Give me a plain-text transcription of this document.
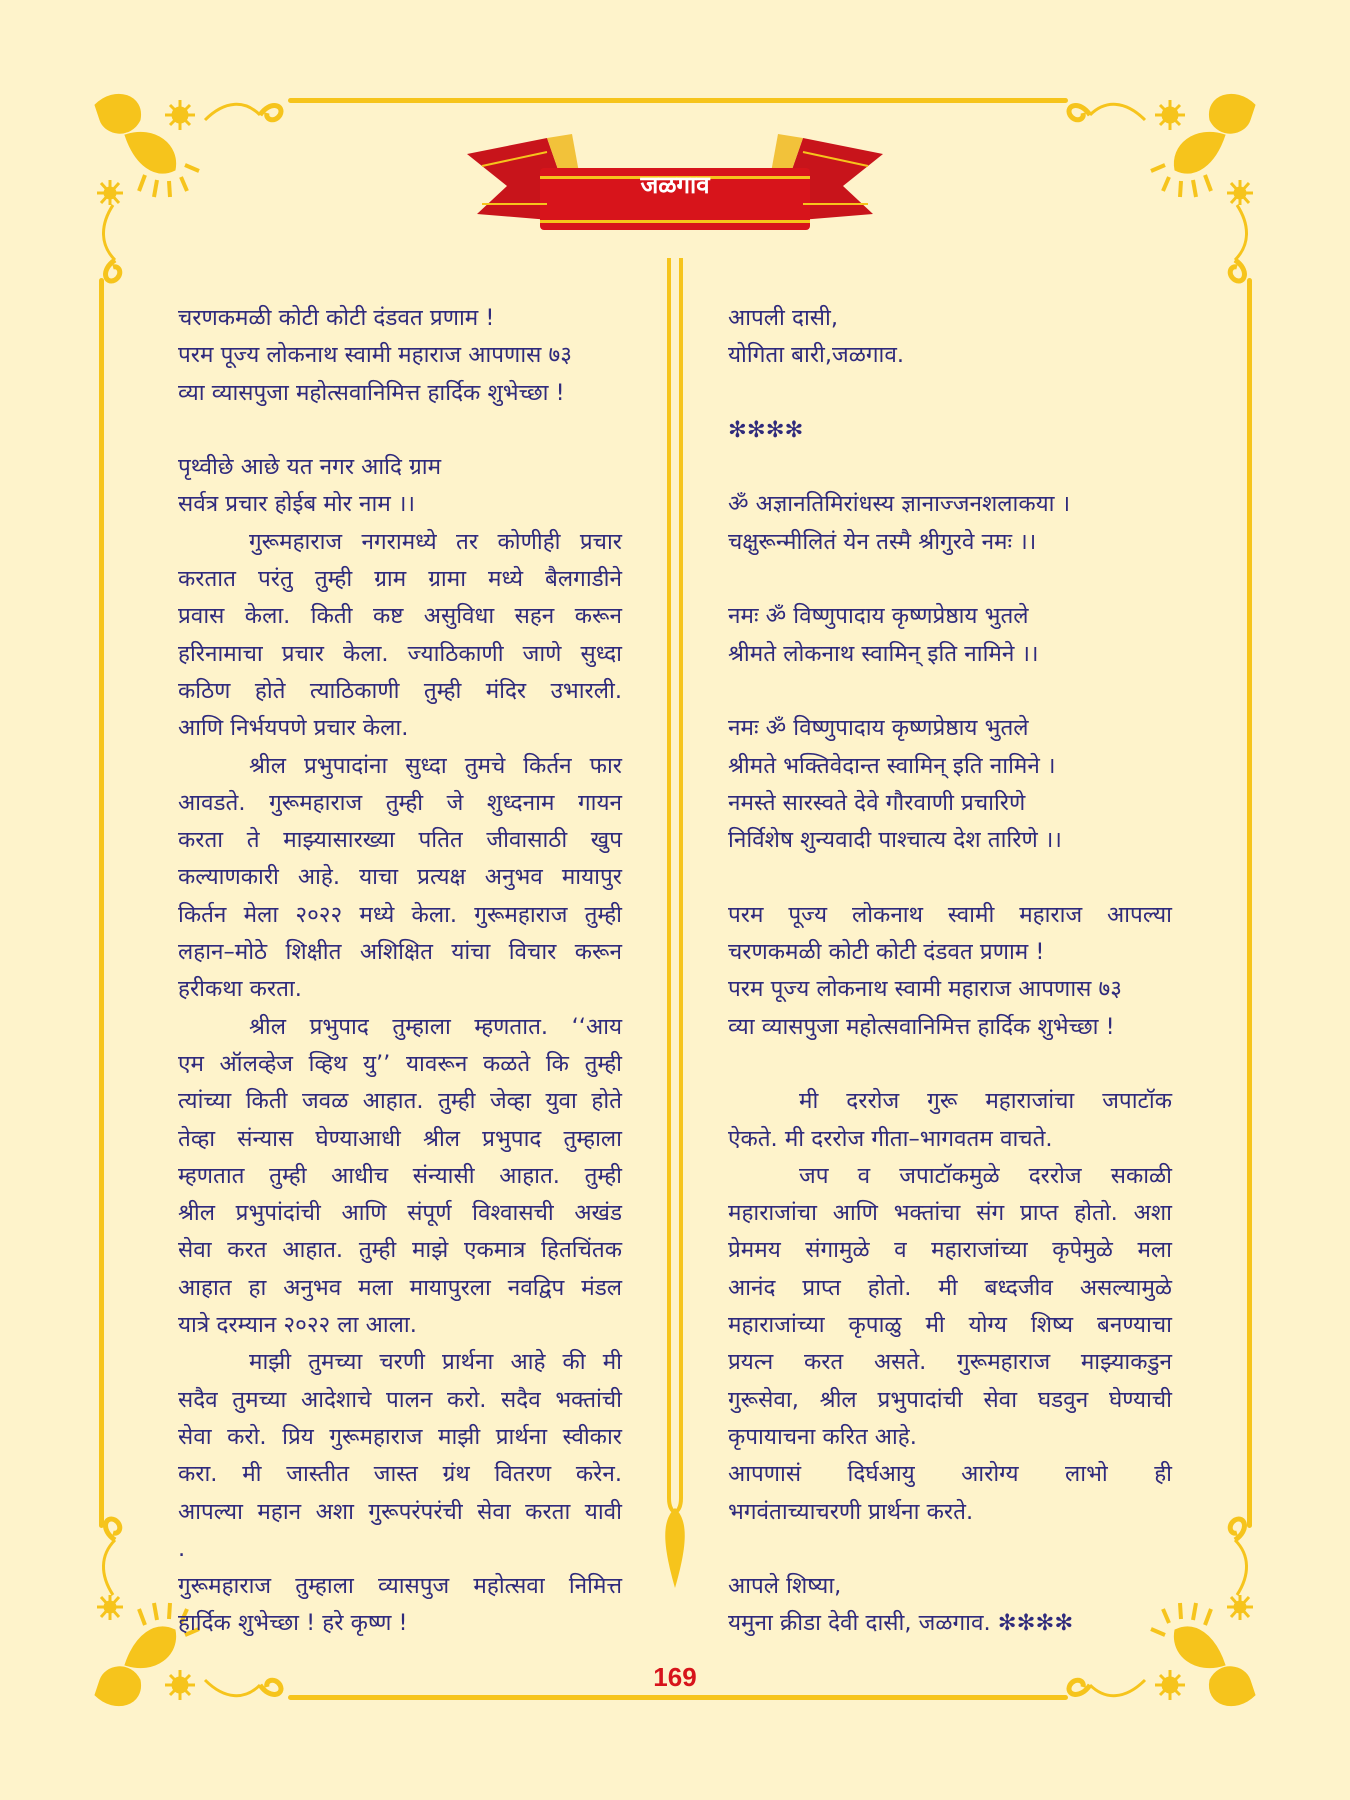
जळगाव
चरणकमळी कोटी कोटी दंडवत प्रणाम !
परम पूज्य लोकनाथ स्वामी महाराज आपणास ७३
व्या व्यासपुजा महोत्सवानिमित्त हार्दिक शुभेच्छा !
पृथ्वीछे आछे यत नगर आदि ग्राम
सर्वत्र प्रचार होईब मोर नाम ।।
गुरूमहाराज नगरामध्ये तर कोणीही प्रचार
करतात परंतु तुम्ही ग्राम ग्रामा मध्ये बैलगाडीने
प्रवास केला. किती कष्ट असुविधा सहन करून
हरिनामाचा प्रचार केला. ज्याठिकाणी जाणे सुध्दा
कठिण होते त्याठिकाणी तुम्ही मंदिर उभारली.
आणि निर्भयपणे प्रचार केला.
श्रील प्रभुपादांना सुध्दा तुमचे किर्तन फार
आवडते. गुरूमहाराज तुम्ही जे शुध्दनाम गायन
करता ते माझ्यासारख्या पतित जीवासाठी खुप
कल्याणकारी आहे. याचा प्रत्यक्ष अनुभव मायापुर
किर्तन मेला २०२२ मध्ये केला. गुरूमहाराज तुम्ही
लहान–मोठे शिक्षीत अशिक्षित यांचा विचार करून
हरीकथा करता.
श्रील प्रभुपाद तुम्हाला म्हणतात. ‘‘आय
एम ऑलव्हेज व्हिथ यु’’ यावरून कळते कि तुम्ही
त्यांच्या किती जवळ आहात. तुम्ही जेव्हा युवा होते
तेव्हा संन्यास घेण्याआधी श्रील प्रभुपाद तुम्हाला
म्हणतात तुम्ही आधीच संन्यासी आहात. तुम्ही
श्रील प्रभुपांदांची आणि संपूर्ण विश्वासची अखंड
सेवा करत आहात. तुम्ही माझे एकमात्र हितचिंतक
आहात हा अनुभव मला मायापुरला नवद्विप मंडल
यात्रे दरम्यान २०२२ ला आला.
माझी तुमच्या चरणी प्रार्थना आहे की मी
सदैव तुमच्या आदेशाचे पालन करो. सदैव भक्तांची
सेवा करो. प्रिय गुरूमहाराज माझी प्रार्थना स्वीकार
करा. मी जास्तीत जास्त ग्रंथ वितरण करेन.
आपल्या महान अशा गुरूपरंपरंची सेवा करता यावी
.
गुरूमहाराज तुम्हाला व्यासपुज महोत्सवा निमित्त
हार्दिक शुभेच्छा ! हरे कृष्ण !
आपली दासी,
योगिता बारी,जळगाव.
✻✻✻✻
ॐ अज्ञानतिमिरांधस्य ज्ञानाज्जनशलाकया ।
चक्षुरून्मीलितं येन तस्मै श्रीगुरवे नमः ।।
नमः ॐ विष्णुपादाय कृष्णप्रेष्ठाय भुतले
श्रीमते लोकनाथ स्वामिन् इति नामिने ।।
नमः ॐ विष्णुपादाय कृष्णप्रेष्ठाय भुतले
श्रीमते भक्तिवेदान्त स्वामिन् इति नामिने ।
नमस्ते सारस्वते देवे गौरवाणी प्रचारिणे
निर्विशेष शुन्यवादी पाश्चात्य देश तारिणे ।।
परम पूज्य लोकनाथ स्वामी महाराज आपल्या
चरणकमळी कोटी कोटी दंडवत प्रणाम !
परम पूज्य लोकनाथ स्वामी महाराज आपणास ७३
व्या व्यासपुजा महोत्सवानिमित्त हार्दिक शुभेच्छा !
मी दररोज गुरू महाराजांचा जपाटॉक
ऐकते. मी दररोज गीता–भागवतम वाचते.
जप व जपाटॉकमुळे दररोज सकाळी
महाराजांचा आणि भक्तांचा संग प्राप्त होतो. अशा
प्रेममय संगामुळे व महाराजांच्या कृपेमुळे मला
आनंद प्राप्त होतो. मी बध्दजीव असल्यामुळे
महाराजांच्या कृपाळु मी योग्य शिष्य बनण्याचा
प्रयत्न करत असते. गुरूमहाराज माझ्याकडुन
गुरूसेवा, श्रील प्रभुपादांची सेवा घडवुन घेण्याची
कृपायाचना करित आहे.
आपणासं दिर्घआयु आरोग्य लाभो ही
भगवंताच्याचरणी प्रार्थना करते.
आपले शिष्या,
यमुना क्रीडा देवी दासी, जळगाव. ✻✻✻✻
169
